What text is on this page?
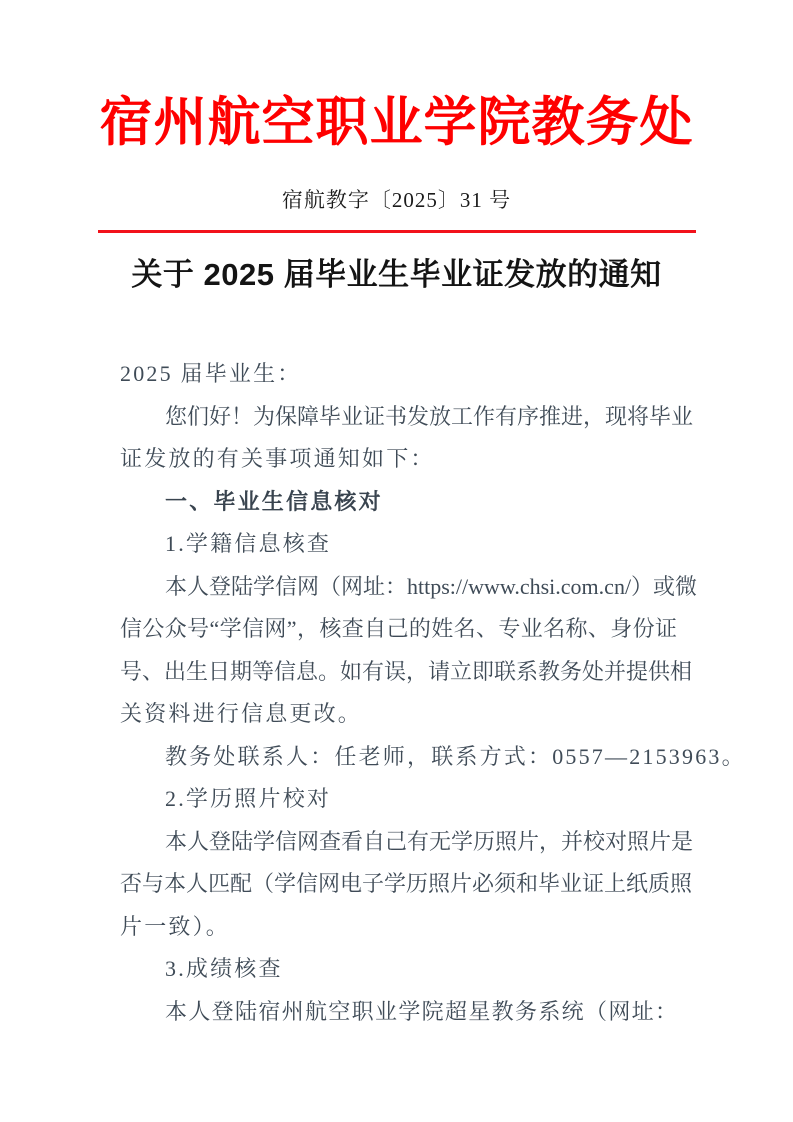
宿州航空职业学院教务处
宿航教字〔2025〕31 号
关于 2025 届毕业生毕业证发放的通知
2025 届毕业生：
您们好！为保障毕业证书发放工作有序推进，现将毕业
证发放的有关事项通知如下：
一、毕业生信息核对
1.学籍信息核查
本人登陆学信网（网址：https://www.chsi.com.cn/）或微
信公众号“学信网”，核查自己的姓名、专业名称、身份证
号、出生日期等信息。如有误，请立即联系教务处并提供相
关资料进行信息更改。
教务处联系人：任老师，联系方式：0557—2153963。
2.学历照片校对
本人登陆学信网查看自己有无学历照片，并校对照片是
否与本人匹配（学信网电子学历照片必须和毕业证上纸质照
片一致）。
3.成绩核查
本人登陆宿州航空职业学院超星教务系统（网址：
